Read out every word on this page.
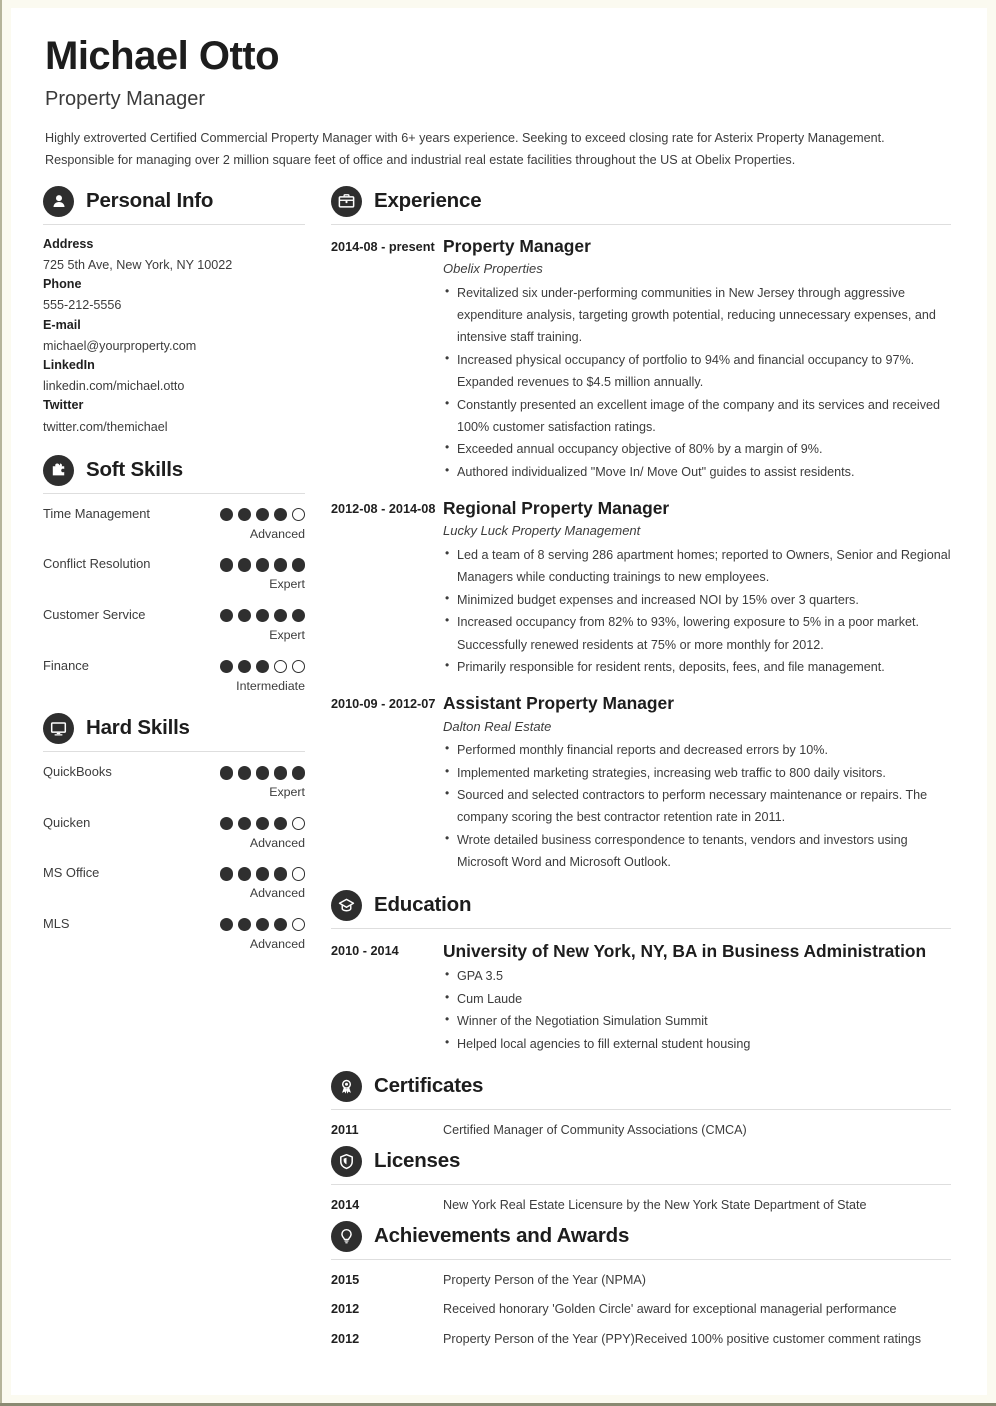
Michael Otto
Property Manager

Highly extroverted Certified Commercial Property Manager with 6+ years experience. Seeking to exceed closing rate for Asterix Property Management. Responsible for managing over 2 million square feet of office and industrial real estate facilities throughout the US at Obelix Properties.

Personal Info
Address
725 5th Ave, New York, NY 10022
Phone
555-212-5556
E-mail
michael@yourproperty.com
LinkedIn
linkedin.com/michael.otto
Twitter
twitter.com/themichael
Soft Skills
Time Management
Advanced
Conflict Resolution
Expert
Customer Service
Expert
Finance
Intermediate
Hard Skills
QuickBooks
Expert
Quicken
Advanced
MS Office
Advanced
MLS
Advanced
Experience
2014-08 - present Property Manager
Obelix Properties
• Revitalized six under-performing communities in New Jersey through aggressive expenditure analysis, targeting growth potential, reducing unnecessary expenses, and intensive staff training.
• Increased physical occupancy of portfolio to 94% and financial occupancy to 97%. Expanded revenues to $4.5 million annually.
• Constantly presented an excellent image of the company and its services and received 100% customer satisfaction ratings.
• Exceeded annual occupancy objective of 80% by a margin of 9%.
• Authored individualized "Move In/ Move Out" guides to assist residents.
2012-08 - 2014-08 Regional Property Manager
Lucky Luck Property Management
• Led a team of 8 serving 286 apartment homes; reported to Owners, Senior and Regional Managers while conducting trainings to new employees.
• Minimized budget expenses and increased NOI by 15% over 3 quarters.
• Increased occupancy from 82% to 93%, lowering exposure to 5% in a poor market. Successfully renewed residents at 75% or more monthly for 2012.
• Primarily responsible for resident rents, deposits, fees, and file management.
2010-09 - 2012-07 Assistant Property Manager
Dalton Real Estate
• Performed monthly financial reports and decreased errors by 10%.
• Implemented marketing strategies, increasing web traffic to 800 daily visitors.
• Sourced and selected contractors to perform necessary maintenance or repairs. The company scoring the best contractor retention rate in 2011.
• Wrote detailed business correspondence to tenants, vendors and investors using Microsoft Word and Microsoft Outlook.
Education
2010 - 2014	University of New York, NY, BA in Business Administration
• GPA 3.5
• Cum Laude
• Winner of the Negotiation Simulation Summit
• Helped local agencies to fill external student housing
Certificates
2011	Certified Manager of Community Associations (CMCA)
Licenses
2014	New York Real Estate Licensure by the New York State Department of State
Achievements and Awards
2015	Property Person of the Year (NPMA)
2012	Received honorary 'Golden Circle' award for exceptional managerial performance
2012	Property Person of the Year (PPY)Received 100% positive customer comment ratings
